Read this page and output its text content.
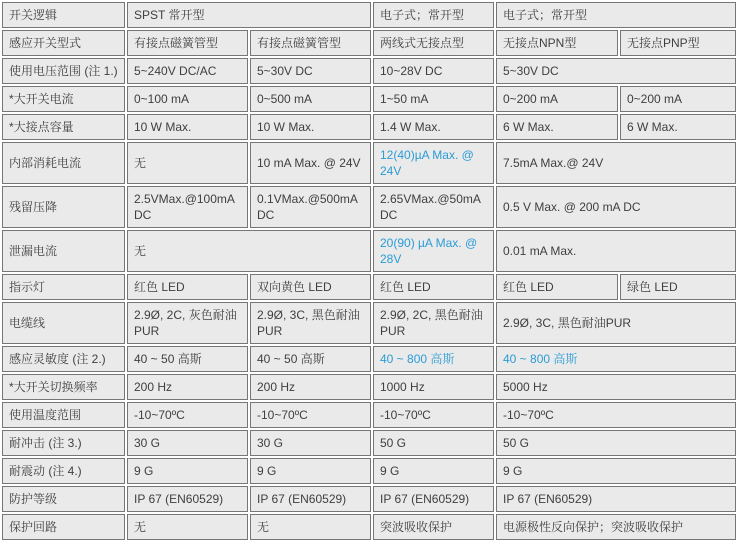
开关逻辑	SPST 常开型		电子式；常开型	电子式；常开型	
感应开关型式	有接点磁簧管型	有接点磁簧管型	两线式无接点型	无接点NPN型	无接点PNP型
使用电压范围 (注 1.)	5~240V DC/AC	5~30V DC	10~28V DC	5~30V DC	
*大开关电流	0~100 mA	0~500 mA	1~50 mA	0~200 mA	0~200 mA
*大接点容量	10 W Max.	10 W Max.	1.4 W Max.	6 W Max.	6 W Max.
内部消耗电流	无	10 mA Max. @ 24V	12(40)µA Max. @ 24V	7.5mA Max.@ 24V	
残留压降	2.5VMax.@100mA DC	0.1VMax.@500mA DC	2.65VMax.@50mA DC	0.5 V Max. @ 200 mA DC	
泄漏电流	无		20(90) µA Max. @ 28V	0.01 mA Max.	
指示灯	红色 LED	双向黄色 LED	红色 LED	红色 LED	绿色 LED
电缆线	2.9Ø, 2C, 灰色耐油PUR	2.9Ø, 3C, 黑色耐油PUR	2.9Ø, 2C, 黑色耐油PUR	2.9Ø, 3C, 黑色耐油PUR	
感应灵敏度 (注 2.)	40 ~ 50 高斯	40 ~ 50 高斯	40 ~ 800 高斯	40 ~ 800 高斯	
*大开关切换频率	200 Hz	200 Hz	1000 Hz	5000 Hz	
使用温度范围	-10~70ºC	-10~70ºC	-10~70ºC	-10~70ºC	
耐冲击 (注 3.)	30 G	30 G	50 G	50 G	
耐震动 (注 4.)	9 G	9 G	9 G	9 G	
防护等级	IP 67 (EN60529)	IP 67 (EN60529)	IP 67 (EN60529)	IP 67 (EN60529)	
保护回路	无	无	突波吸收保护	电源极性反向保护；突波吸收保护	
